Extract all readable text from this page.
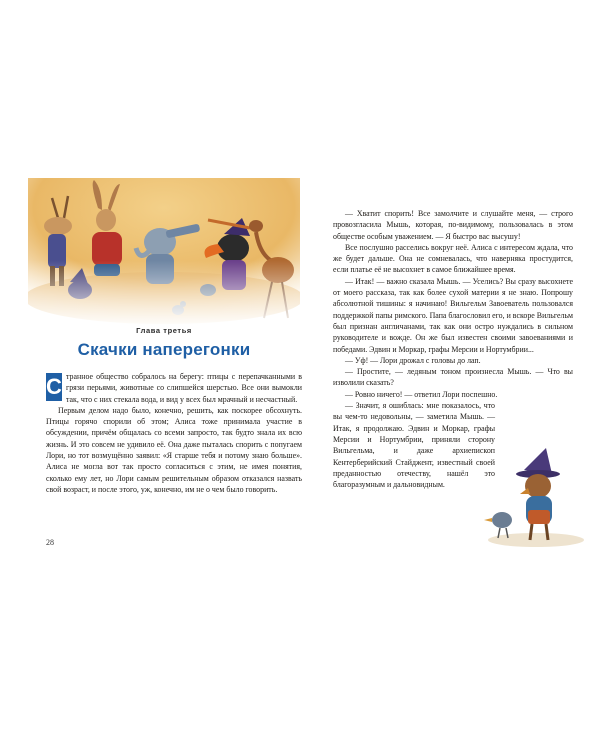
Глава третья
Скачки наперегонки

С транное общество собралось на берегу: птицы с перепачканными в грязи перьями, животные со слипшейся шерстью. Все они вымокли так, что с них стекала вода, и вид у всех был мрачный и несчастный.

Первым делом надо было, конечно, решить, как поскорее обсохнуть. Птицы горячо спорили об этом; Алиса тоже принимала участие в обсуждении, причём общалась со всеми запросто, так будто знала их всю жизнь. И это совсем не удивило её. Она даже пыталась спорить с попугаем Лори, но тот возмущённо заявил: «Я старше тебя и потому знаю больше». Алиса не могла вот так просто согласиться с этим, не имея понятия, сколько ему лет, но Лори самым решительным образом отказался назвать свой возраст, и после этого, уж, конечно, им не о чем было говорить.

28

— Хватит спорить! Все замолчите и слушайте меня, — строго провозгласила Мышь, которая, по-видимому, пользовалась в этом обществе особым уважением. — Я быстро вас высушу!

Все послушно расселись вокруг неё. Алиса с интересом ждала, что же будет дальше. Она не сомневалась, что наверняка простудится, если платье её не высохнет в самое ближайшее время.

— Итак! — важно сказала Мышь. — Уселись? Вы сразу высохнете от моего рассказа, так как более сухой материи я не знаю. Попрошу абсолютной тишины: я начинаю! Вильгельм Завоеватель пользовался поддержкой папы римского. Папа благословил его, и вскоре Вильгельм был признан англичанами, так как они остро нуждались в сильном руководителе и вожде. Он же был известен своими завоеваниями и победами. Эдвин и Моркар, графы Мерсии и Нортумбрии...

— Уф! — Лори дрожал с головы до лап.

— Простите, — ледяным тоном произнесла Мышь. — Что вы изволили сказать?

— Ровно ничего! — ответил Лори поспешно.

— Значит, я ошиблась: мне показалось, что вы чем-то недовольны, — заметила Мышь. — Итак, я продолжаю. Эдвин и Моркар, графы Мерсии и Нортумбрии, приняли сторону Вильгельма, и даже архиепископ Кентерберийский Стайджент, известный своей преданностью отечеству, нашёл это благоразумным и дальновидным.
